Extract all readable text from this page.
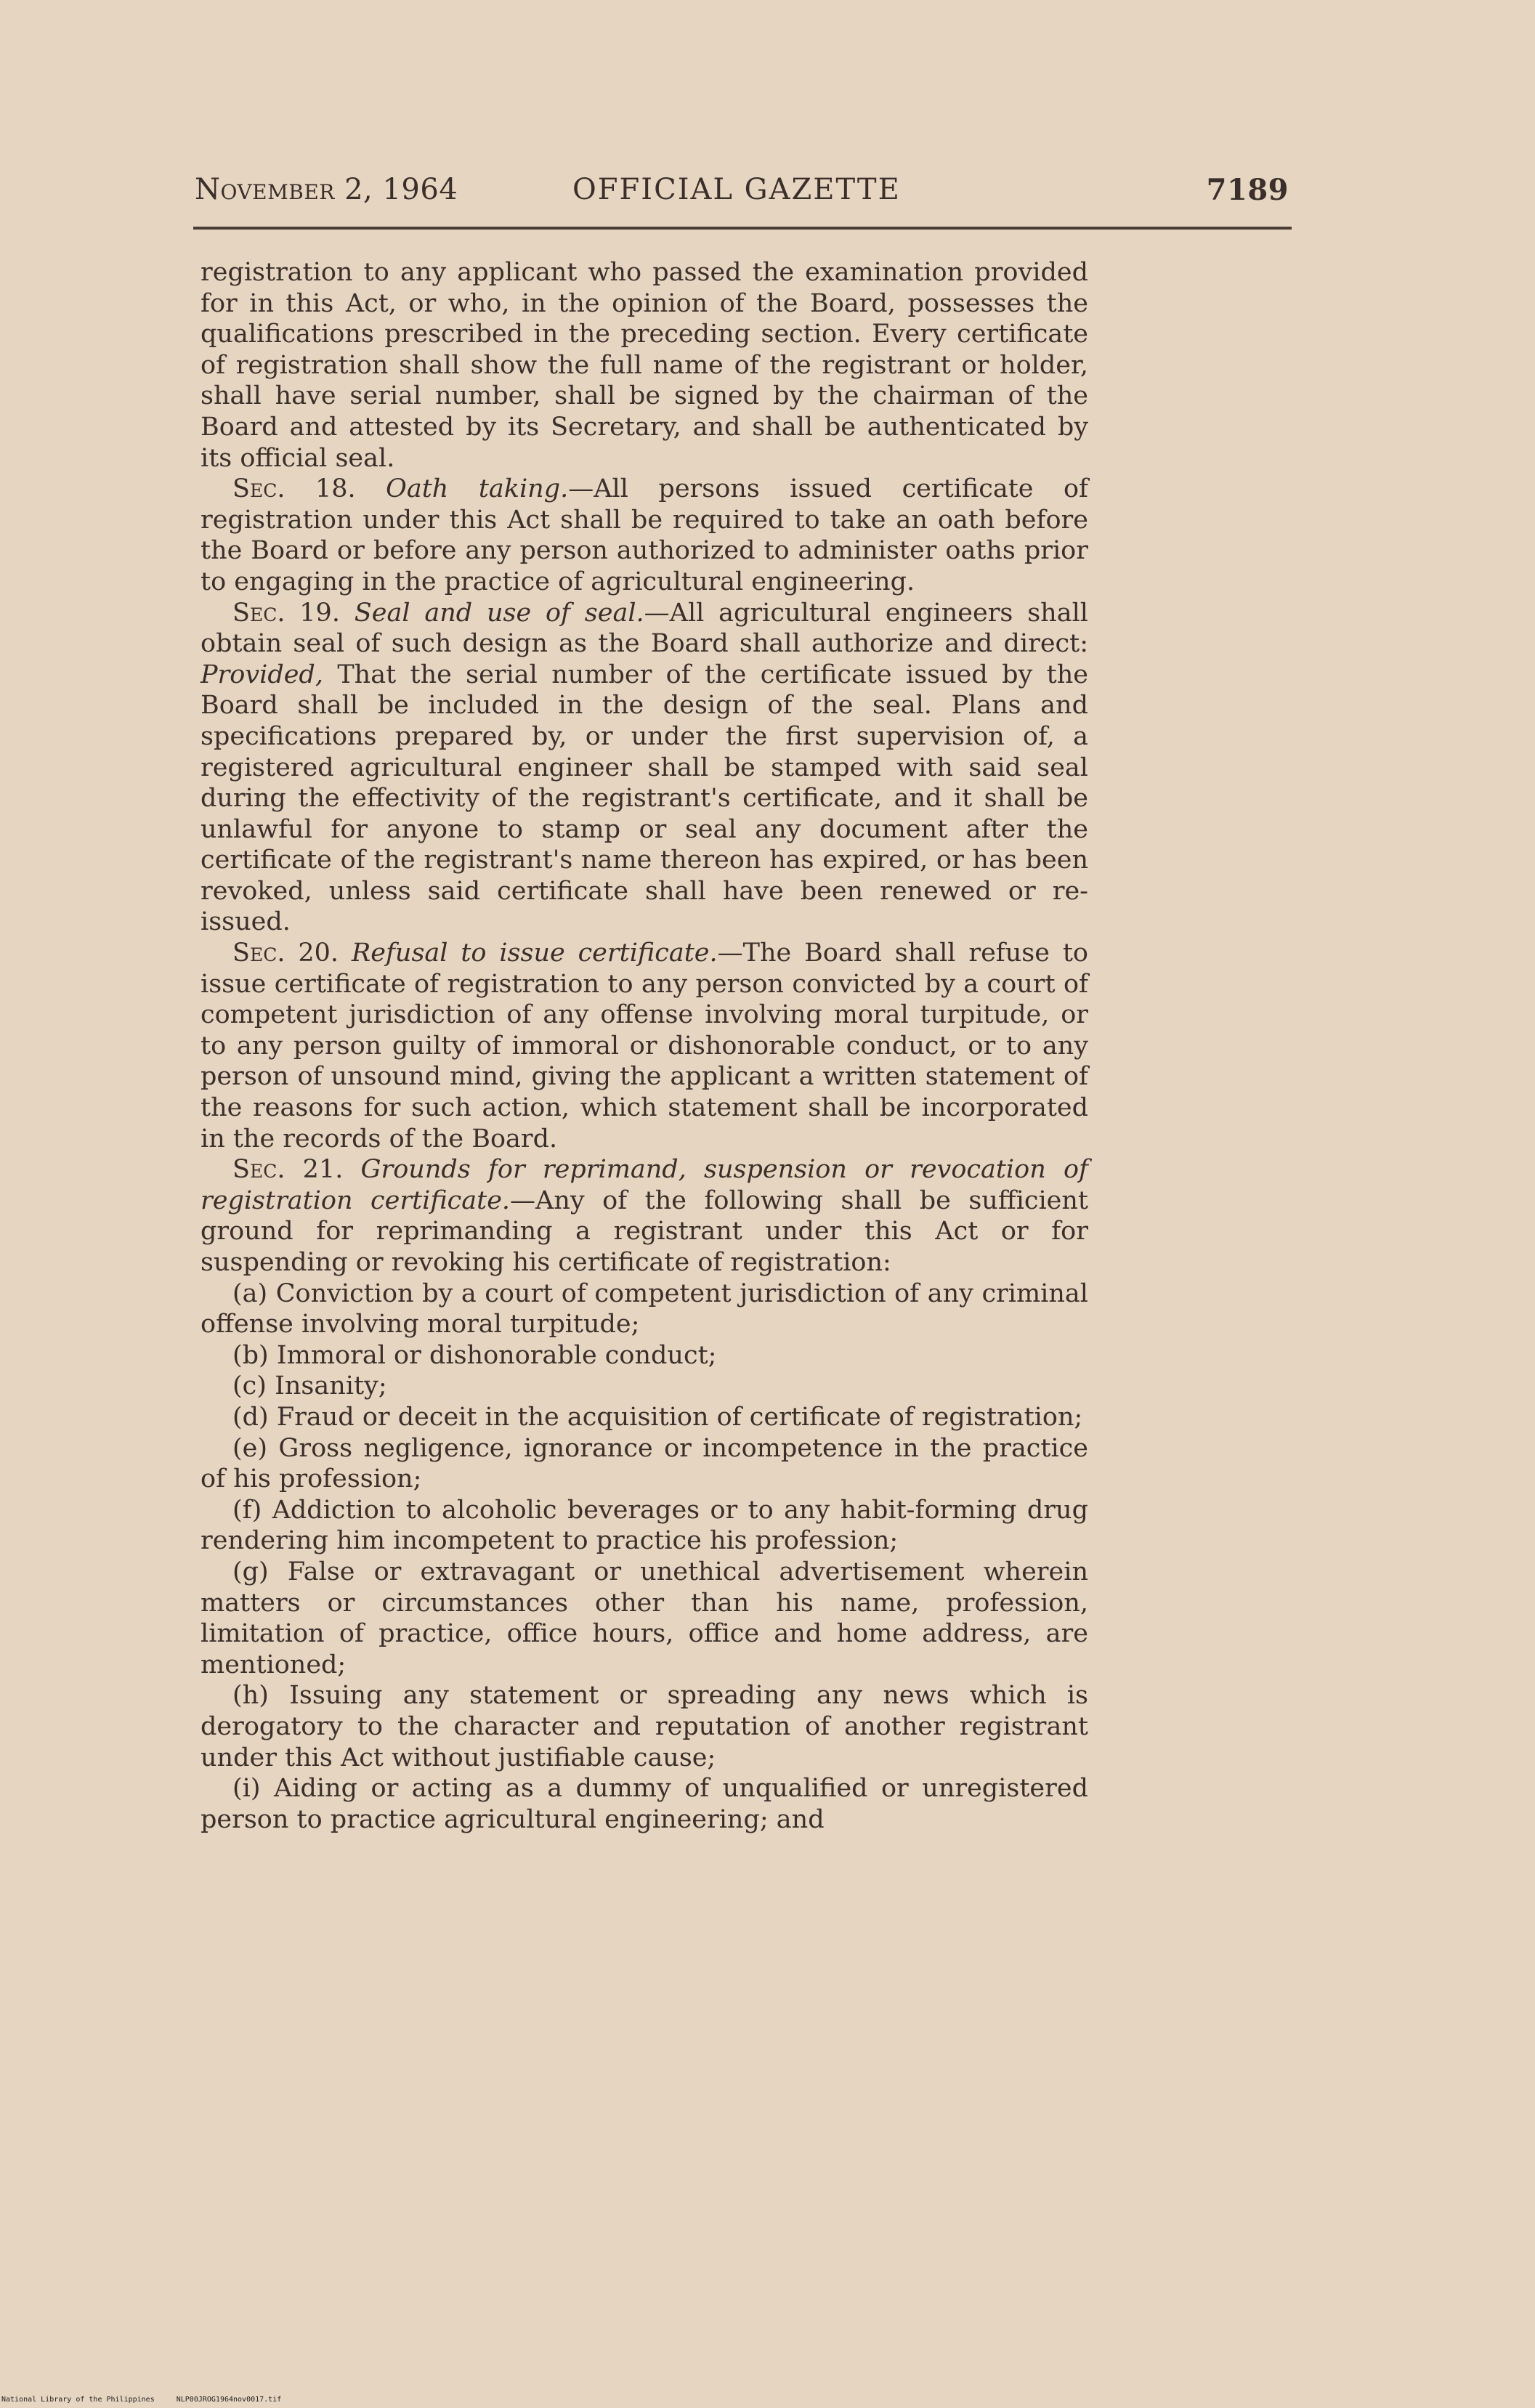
November 2, 1964	OFFICIAL GAZETTE	7189

registration to any applicant who passed the examination provided for in this Act, or who, in the opinion of the Board, possesses the qualifications prescribed in the preceding section. Every certificate of registration shall show the full name of the registrant or holder, shall have serial number, shall be signed by the chairman of the Board and attested by its Secretary, and shall be authenticated by its official seal.

Sec. 18. Oath taking.—All persons issued certificate of registration under this Act shall be required to take an oath before the Board or before any person authorized to administer oaths prior to engaging in the practice of agricultural engineering.

Sec. 19. Seal and use of seal.—All agricultural engineers shall obtain seal of such design as the Board shall authorize and direct: Provided, That the serial number of the certificate issued by the Board shall be included in the design of the seal. Plans and specifications prepared by, or under the first supervision of, a registered agricultural engineer shall be stamped with said seal during the effectivity of the registrant's certificate, and it shall be unlawful for anyone to stamp or seal any document after the certificate of the registrant's name thereon has expired, or has been revoked, unless said certificate shall have been renewed or re-issued.

Sec. 20. Refusal to issue certificate.—The Board shall refuse to issue certificate of registration to any person convicted by a court of competent jurisdiction of any offense involving moral turpitude, or to any person guilty of immoral or dishonorable conduct, or to any person of unsound mind, giving the applicant a written statement of the reasons for such action, which statement shall be incorporated in the records of the Board.

Sec. 21. Grounds for reprimand, suspension or revocation of registration certificate.—Any of the following shall be sufficient ground for reprimanding a registrant under this Act or for suspending or revoking his certificate of registration:

(a) Conviction by a court of competent jurisdiction of any criminal offense involving moral turpitude;

(b) Immoral or dishonorable conduct;

(c) Insanity;

(d) Fraud or deceit in the acquisition of certificate of registration;

(e) Gross negligence, ignorance or incompetence in the practice of his profession;

(f) Addiction to alcoholic beverages or to any habit-forming drug rendering him incompetent to practice his profession;

(g) False or extravagant or unethical advertisement wherein matters or circumstances other than his name, profession, limitation of practice, office hours, office and home address, are mentioned;

(h) Issuing any statement or spreading any news which is derogatory to the character and reputation of another registrant under this Act without justifiable cause;

(i) Aiding or acting as a dummy of unqualified or unregistered person to practice agricultural engineering; and

National Library of the Philippines	NLP00JROG1964nov0017.tif
